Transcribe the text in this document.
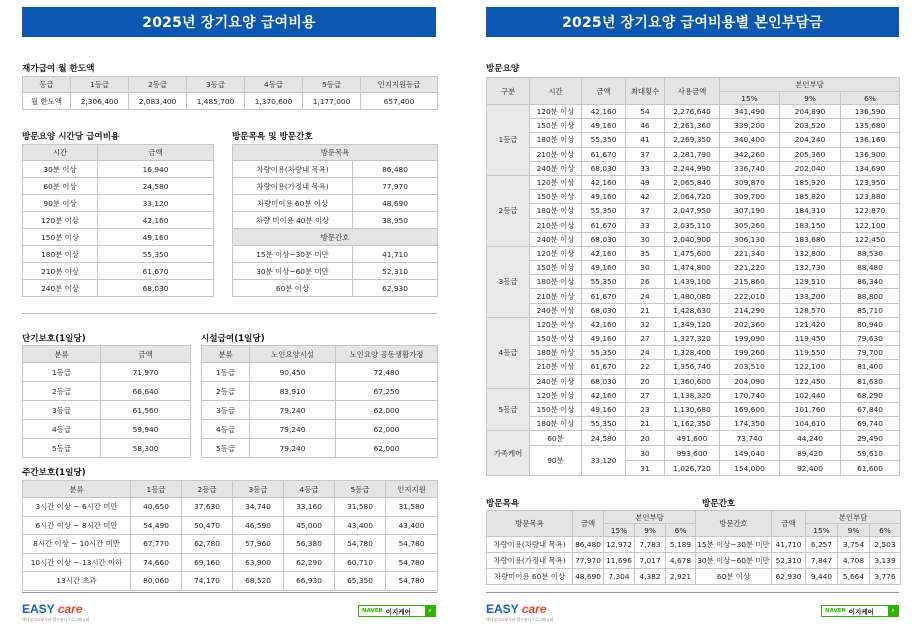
2025년 장기요양 급여비용
재가급여 월 한도액
등급	1등급	2등급	3등급	4등급	5등급	인지지원등급
월 한도액	2,306,400	2,083,400	1,485,700	1,370,600	1,177,000	657,400
방문요양 시간당 급여비용
시간	금액
30분 이상	16,940
60분 이상	24,580
90분 이상	33,120
120분 이상	42,160
150분 이상	49,160
180분 이상	55,350
210분 이상	61,670
240분 이상	68,030
방문목욕 및 방문간호
방문목욕	
차량이용(차량내 목욕)	86,480
차량이용(가정내 목욕)	77,970
차량미이용 60분 이상	48,690
차량 미이용 40분 이상	38,950
방문간호	
15분 이상~30분 미만	41,710
30분 이상~60분 미만	52,310
60분 이상	62,930
단기보호(1일당)
분류	금액
1등급	71,970
2등급	66,640
3등급	61,560
4등급	59,940
5등급	58,300
시설급여(1일당)
분류	노인요양시설	노인요양 공동생활가정
1등급	90,450	72,480
2등급	83,910	67,250
3등급	79,240	62,000
4등급	79,240	62,000
5등급	79,240	62,000
주간보호(1일당)
분류	1등급	2등급	3등급	4등급	5등급	인지지원
3시간 이상 ~ 6시간 미만	40,650	37,630	34,740	33,160	31,580	31,580
6시간 이상 ~ 8시간 미만	54,490	50,470	46,590	45,000	43,400	43,400
8시간 이상 ~ 10시간 미만	67,770	62,780	57,960	56,380	54,780	54,780
10시간 이상 ~ 13시간 이하	74,660	69,160	63,900	62,290	60,710	54,780
13시간 초과	80,060	74,170	68,520	66,930	65,350	54,780
EASY care
재가장기요양기관 업무관리프로그램 1위
NAVER 이지케어	⌕
2025년 장기요양 급여비용별 본인부담금
방문요양
구분	시간	금액	최대횟수	사용금액	본인부담		
					15%	9%	6%
1등급	120분 이상	42,160	54	2,276,640	341,490	204,890	136,590
	150분 이상	49,160	46	2,261,360	339,200	203,520	135,680
	180분 이상	55,350	41	2,269,350	340,400	204,240	136,160
	210분 이상	61,670	37	2,281,790	342,260	205,360	136,900
	240분 이상	68,030	33	2,244,990	336,740	202,040	134,690
2등급	120분 이상	42,160	49	2,065,840	309,870	185,920	123,950
	150분 이상	49,160	42	2,064,720	309,700	185,820	123,880
	180분 이상	55,350	37	2,047,950	307,190	184,310	122,870
	210분 이상	61,670	33	2,035,110	305,260	183,150	122,100
	240분 이상	68,030	30	2,040,900	306,130	183,680	122,450
3등급	120분 이상	42,160	35	1,475,600	221,340	132,800	88,530
	150분 이상	49,160	30	1,474,800	221,220	132,730	88,480
	180분 이상	55,350	26	1,439,100	215,860	129,510	86,340
	210분 이상	61,670	24	1,480,080	222,010	133,200	88,800
	240분 이상	68,030	21	1,428,630	214,290	128,570	85,710
4등급	120분 이상	42,160	32	1,349,120	202,360	121,420	80,940
	150분 이상	49,160	27	1,327,320	199,090	119,450	79,630
	180분 이상	55,350	24	1,328,400	199,260	119,550	79,700
	210분 이상	61,670	22	1,356,740	203,510	122,100	81,400
	240분 이상	68,030	20	1,360,600	204,090	122,450	81,630
5등급	120분 이상	42,160	27	1,138,320	170,740	102,440	68,290
	150분 이상	49,160	23	1,130,680	169,600	101,760	67,840
	180분 이상	55,350	21	1,162,350	174,350	104,610	69,740
가족케어	60분	24,580	20	491,600	73,740	44,240	29,490
	90분	33,120	30	993,600	149,040	89,420	59,610
			31	1,026,720	154,000	92,400	61,600
방문목욕	방문간호
방문목욕	금액	본인부담		
		15%	9%	6%
차량이용(차량내 목욕)	86,480	12,972	7,783	5,189
차량이용(가정내 목욕)	77,970	11,696	7,017	4,678
차량미이용 60분 이상	48,690	7,304	4,382	2,921
방문간호	금액	본인부담		
		15%	9%	6%
15분 이상~30분 미만	41,710	6,257	3,754	2,503
30분 이상~60분 미만	52,310	7,847	4,708	3,139
60분 이상	62,930	9,440	5,664	3,776
EASY care
재가장기요양기관 업무관리프로그램 1위
NAVER 이지케어	⌕
